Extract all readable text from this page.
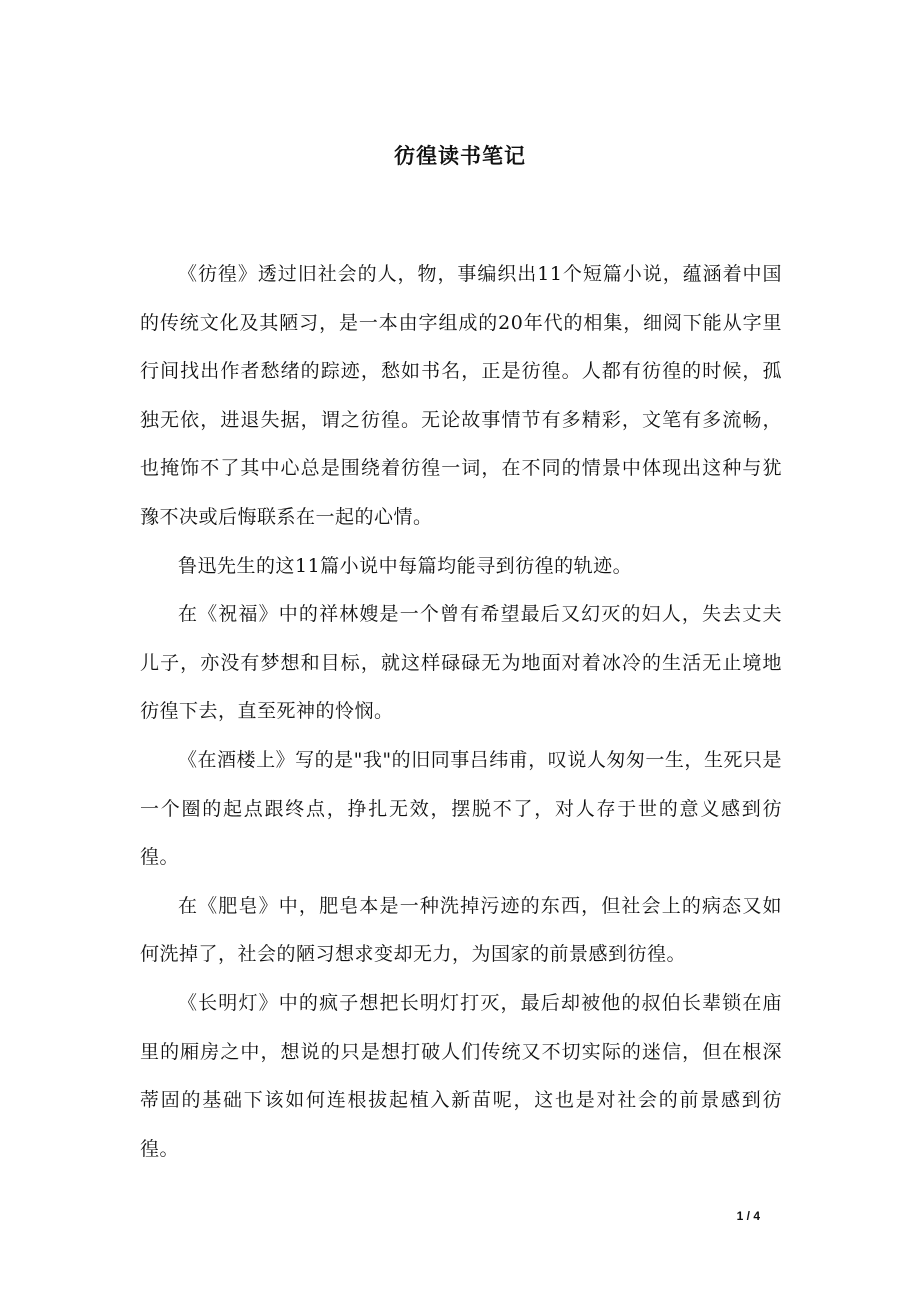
彷徨读书笔记

《彷徨》透过旧社会的人，物，事编织出11个短篇小说，蕴涵着中国的传统文化及其陋习，是一本由字组成的20年代的相集，细阅下能从字里行间找出作者愁绪的踪迹，愁如书名，正是彷徨。人都有彷徨的时候，孤独无依，进退失据，谓之彷徨。无论故事情节有多精彩，文笔有多流畅，也掩饰不了其中心总是围绕着彷徨一词，在不同的情景中体现出这种与犹豫不决或后悔联系在一起的心情。

鲁迅先生的这11篇小说中每篇均能寻到彷徨的轨迹。

在《祝福》中的祥林嫂是一个曾有希望最后又幻灭的妇人，失去丈夫儿子，亦没有梦想和目标，就这样碌碌无为地面对着冰冷的生活无止境地彷徨下去，直至死神的怜悯。

《在酒楼上》写的是"我"的旧同事吕纬甫，叹说人匆匆一生，生死只是一个圈的起点跟终点，挣扎无效，摆脱不了，对人存于世的意义感到彷徨。

在《肥皂》中，肥皂本是一种洗掉污迹的东西，但社会上的病态又如何洗掉了，社会的陋习想求变却无力，为国家的前景感到彷徨。

《长明灯》中的疯子想把长明灯打灭，最后却被他的叔伯长辈锁在庙里的厢房之中，想说的只是想打破人们传统又不切实际的迷信，但在根深蒂固的基础下该如何连根拔起植入新苗呢，这也是对社会的前景感到彷徨。

1 / 4
